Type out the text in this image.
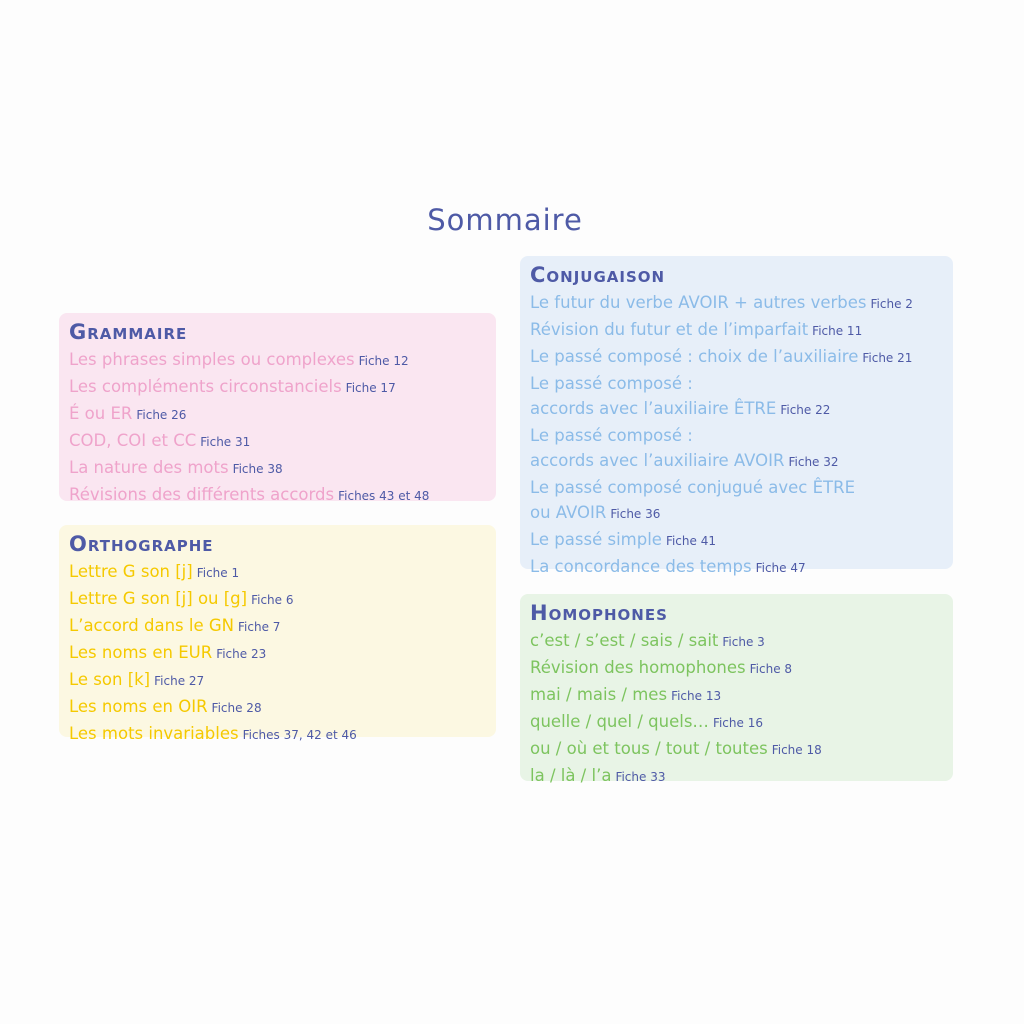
Sommaire
Grammaire
Les phrases simples ou complexes Fiche 12
Les compléments circonstanciels Fiche 17
É ou ER Fiche 26
COD, COI et CC Fiche 31
La nature des mots Fiche 38
Révisions des différents accords Fiches 43 et 48
Orthographe
Lettre G son [j] Fiche 1
Lettre G son [j] ou [g] Fiche 6
L’accord dans le GN Fiche 7
Les noms en EUR Fiche 23
Le son [k] Fiche 27
Les noms en OIR Fiche 28
Les mots invariables Fiches 37, 42 et 46
Conjugaison
Le futur du verbe AVOIR + autres verbes Fiche 2
Révision du futur et de l’imparfait Fiche 11
Le passé composé : choix de l’auxiliaire Fiche 21
Le passé composé :
accords avec l’auxiliaire ÊTRE Fiche 22
Le passé composé :
accords avec l’auxiliaire AVOIR Fiche 32
Le passé composé conjugué avec ÊTRE
ou AVOIR Fiche 36
Le passé simple Fiche 41
La concordance des temps Fiche 47
Homophones
c’est / s’est / sais / sait Fiche 3
Révision des homophones Fiche 8
mai / mais / mes Fiche 13
quelle / quel / quels… Fiche 16
ou / où et tous / tout / toutes Fiche 18
la / là / l’a Fiche 33
